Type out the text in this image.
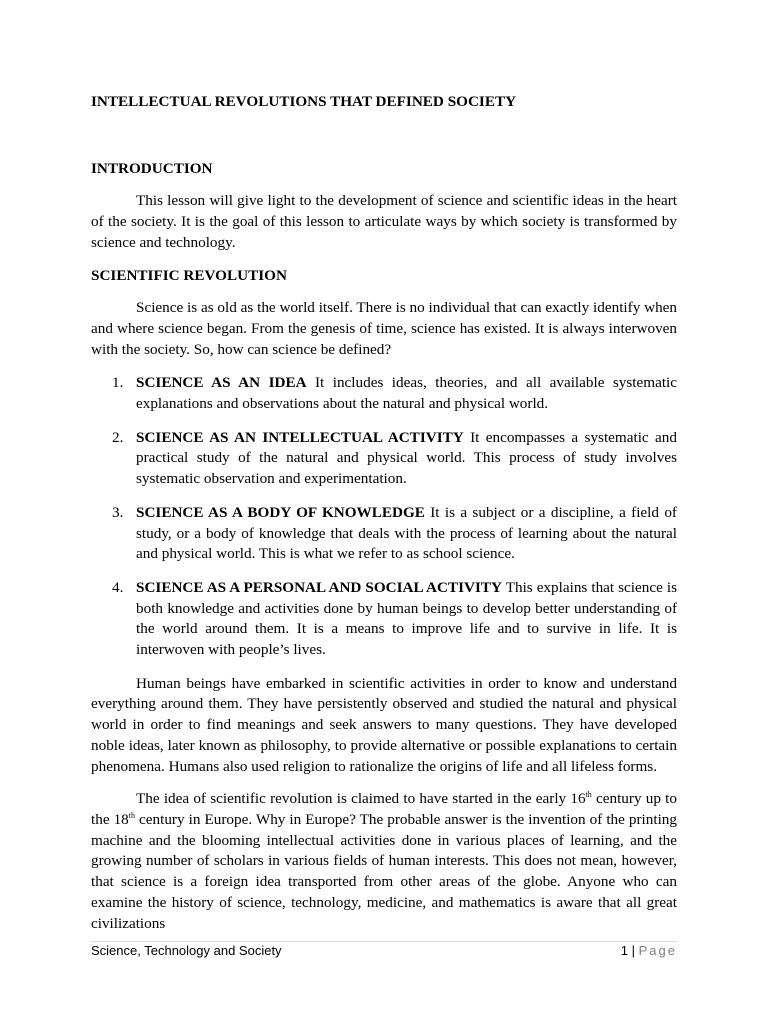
INTELLECTUAL REVOLUTIONS THAT DEFINED SOCIETY
INTRODUCTION

This lesson will give light to the development of science and scientific ideas in the heart of the society. It is the goal of this lesson to articulate ways by which society is transformed by science and technology.

SCIENTIFIC REVOLUTION

Science is as old as the world itself. There is no individual that can exactly identify when and where science began. From the genesis of time, science has existed. It is always interwoven with the society. So, how can science be defined?

1. SCIENCE AS AN IDEA It includes ideas, theories, and all available systematic explanations and observations about the natural and physical world.
2. SCIENCE AS AN INTELLECTUAL ACTIVITY It encompasses a systematic and practical study of the natural and physical world. This process of study involves systematic observation and experimentation.
3. SCIENCE AS A BODY OF KNOWLEDGE It is a subject or a discipline, a field of study, or a body of knowledge that deals with the process of learning about the natural and physical world. This is what we refer to as school science.
4. SCIENCE AS A PERSONAL AND SOCIAL ACTIVITY This explains that science is both knowledge and activities done by human beings to develop better understanding of the world around them. It is a means to improve life and to survive in life. It is interwoven with people’s lives.

Human beings have embarked in scientific activities in order to know and understand everything around them. They have persistently observed and studied the natural and physical world in order to find meanings and seek answers to many questions. They have developed noble ideas, later known as philosophy, to provide alternative or possible explanations to certain phenomena. Humans also used religion to rationalize the origins of life and all lifeless forms.

The idea of scientific revolution is claimed to have started in the early 16th century up to the 18th century in Europe. Why in Europe? The probable answer is the invention of the printing machine and the blooming intellectual activities done in various places of learning, and the growing number of scholars in various fields of human interests. This does not mean, however, that science is a foreign idea transported from other areas of the globe. Anyone who can examine the history of science, technology, medicine, and mathematics is aware that all great civilizations

Science, Technology and Society	1 | Page
